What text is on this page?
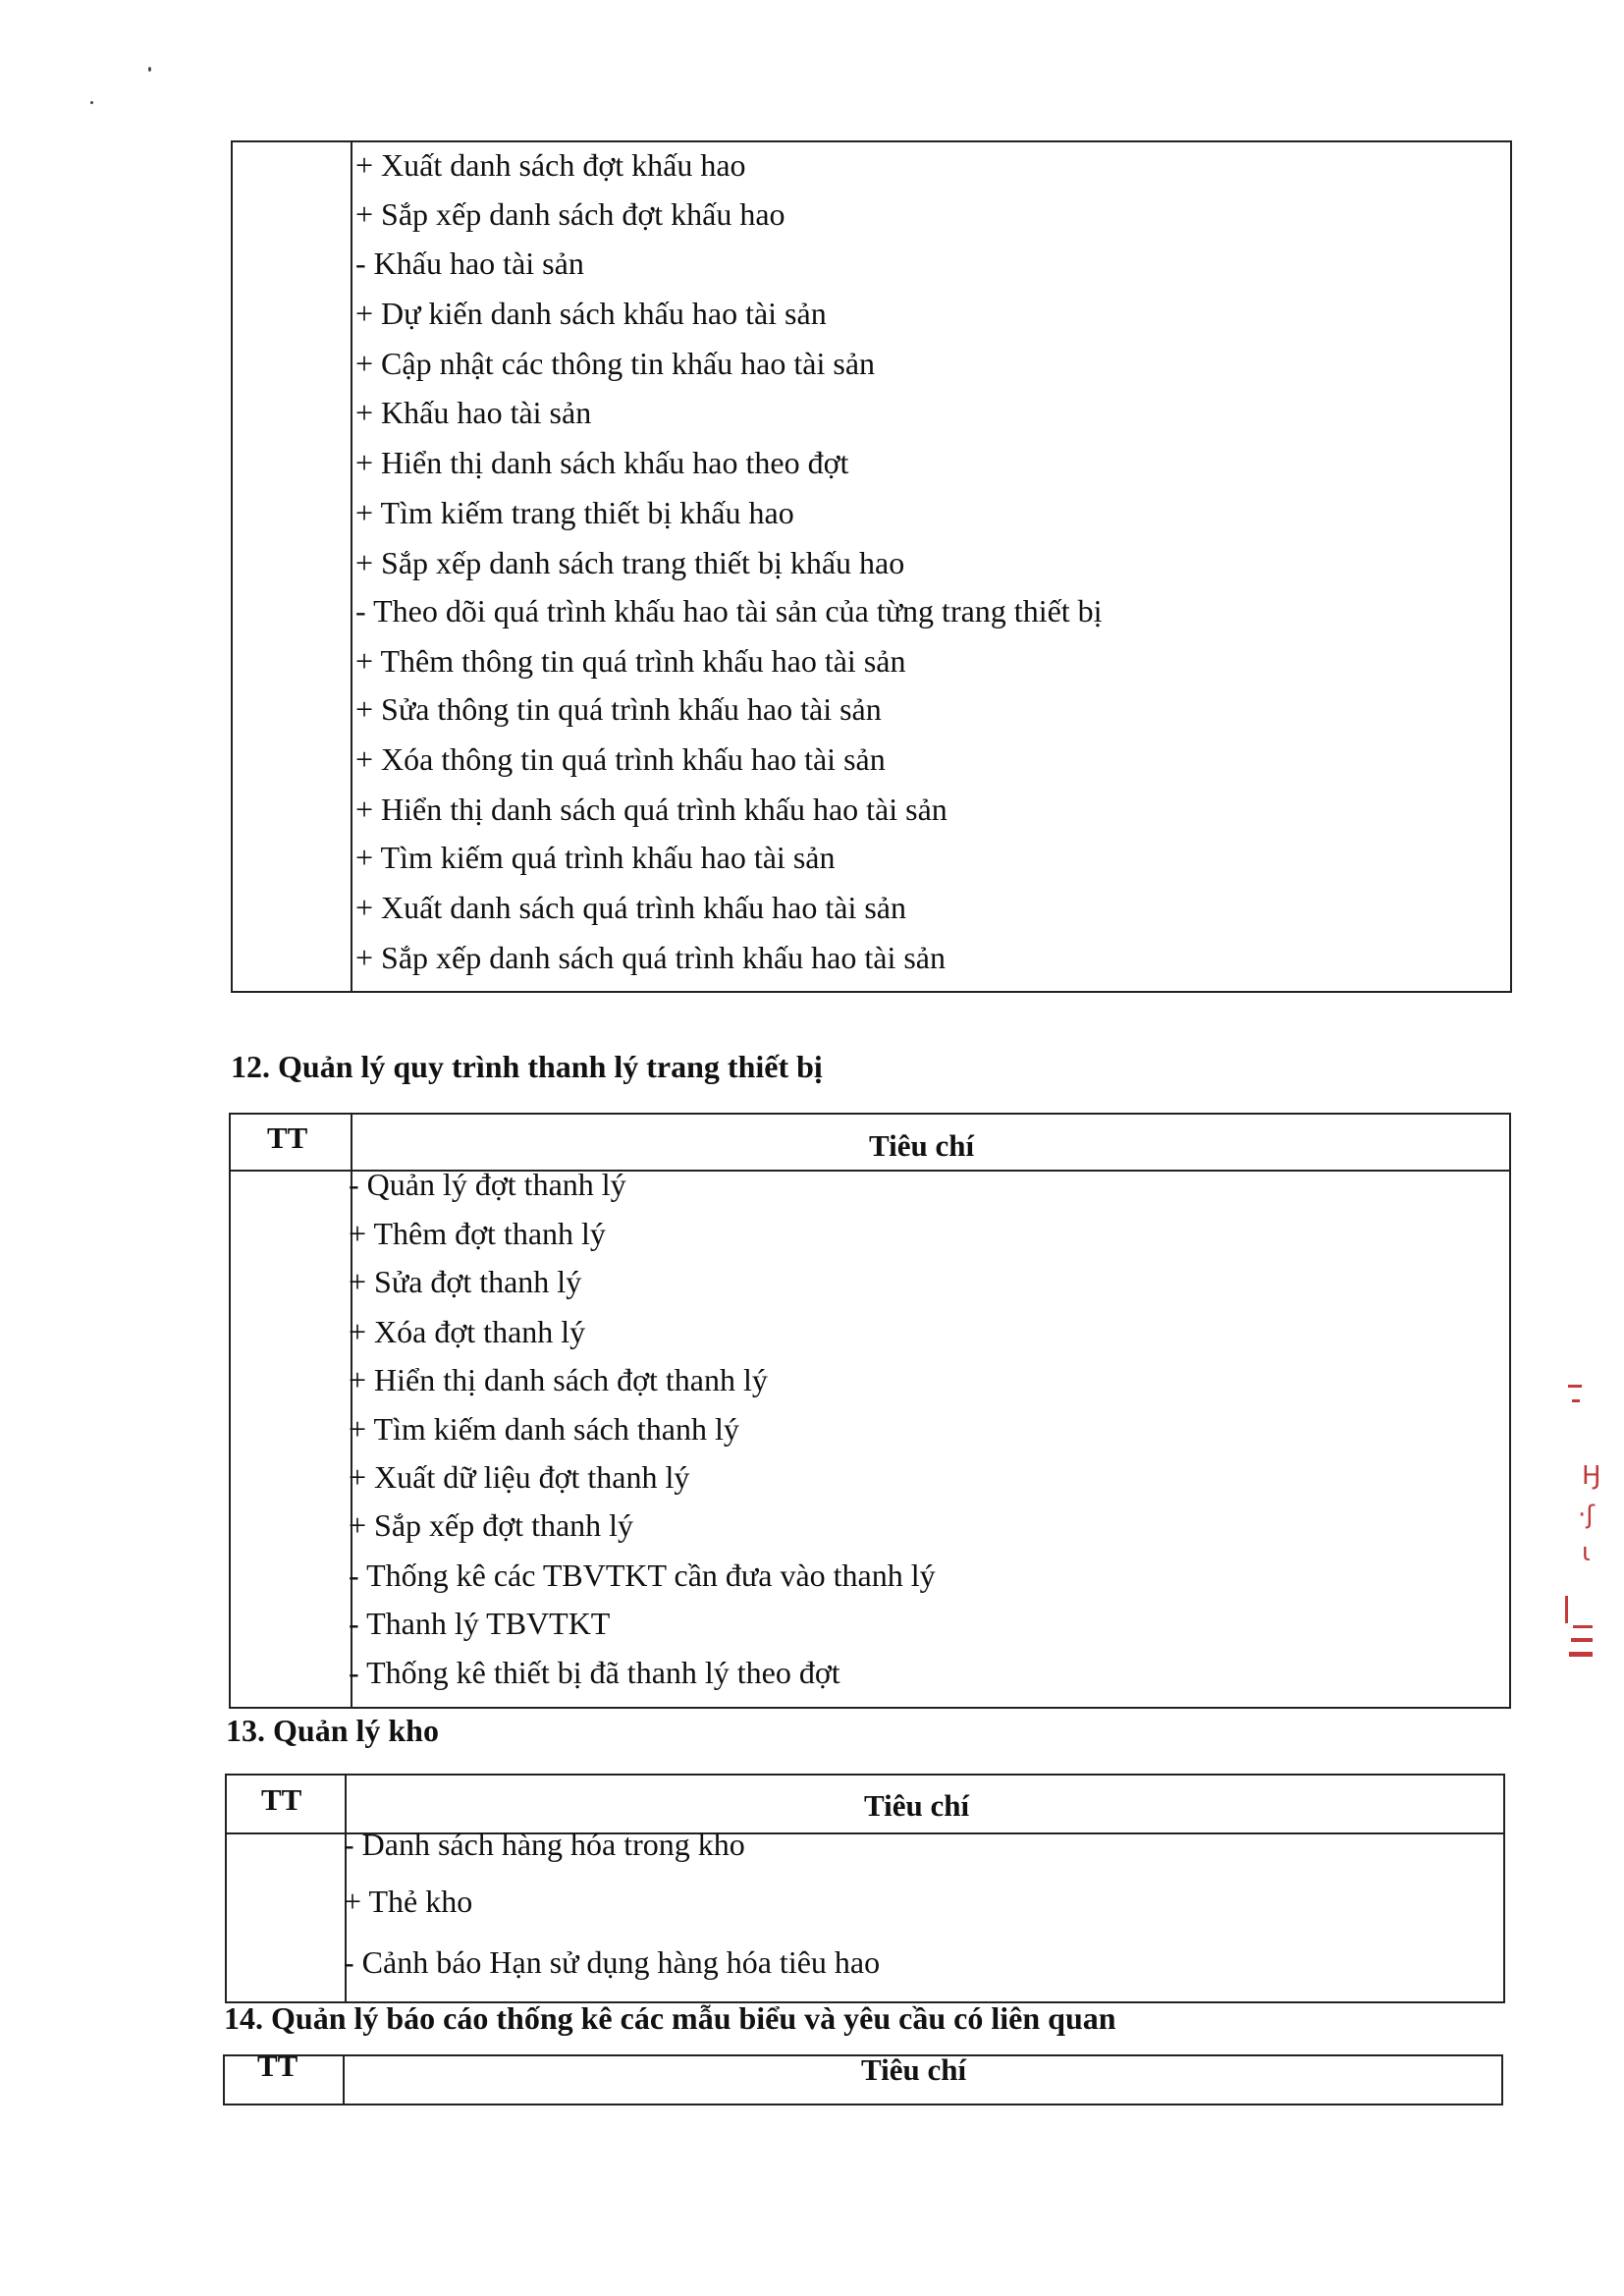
+ Xuất danh sách đợt khấu hao
+ Sắp xếp danh sách đợt khấu hao
- Khấu hao tài sản
+ Dự kiến danh sách khấu hao tài sản
+ Cập nhật các thông tin khấu hao tài sản
+ Khấu hao tài sản
+ Hiển thị danh sách khấu hao theo đợt
+ Tìm kiếm trang thiết bị khấu hao
+ Sắp xếp danh sách trang thiết bị khấu hao
- Theo dõi quá trình khấu hao tài sản của từng trang thiết bị
+ Thêm thông tin quá trình khấu hao tài sản
+ Sửa thông tin quá trình khấu hao tài sản
+ Xóa thông tin quá trình khấu hao tài sản
+ Hiển thị danh sách quá trình khấu hao tài sản
+ Tìm kiếm quá trình khấu hao tài sản
+ Xuất danh sách quá trình khấu hao tài sản
+ Sắp xếp danh sách quá trình khấu hao tài sản
12. Quản lý quy trình thanh lý trang thiết bị
TT	Tiêu chí
- Quản lý đợt thanh lý
+ Thêm đợt thanh lý
+ Sửa đợt thanh lý
+ Xóa đợt thanh lý
+ Hiển thị danh sách đợt thanh lý
+ Tìm kiếm danh sách thanh lý
+ Xuất dữ liệu đợt thanh lý
+ Sắp xếp đợt thanh lý
- Thống kê các TBVTKT cần đưa vào thanh lý
- Thanh lý TBVTKT
- Thống kê thiết bị đã thanh lý theo đợt
13. Quản lý kho
TT	Tiêu chí
- Danh sách hàng hóa trong kho
+ Thẻ kho
- Cảnh báo Hạn sử dụng hàng hóa tiêu hao
14. Quản lý báo cáo thống kê các mẫu biểu và yêu cầu có liên quan
TT	Tiêu chí
Ӈ
·ʃ
ɩ
